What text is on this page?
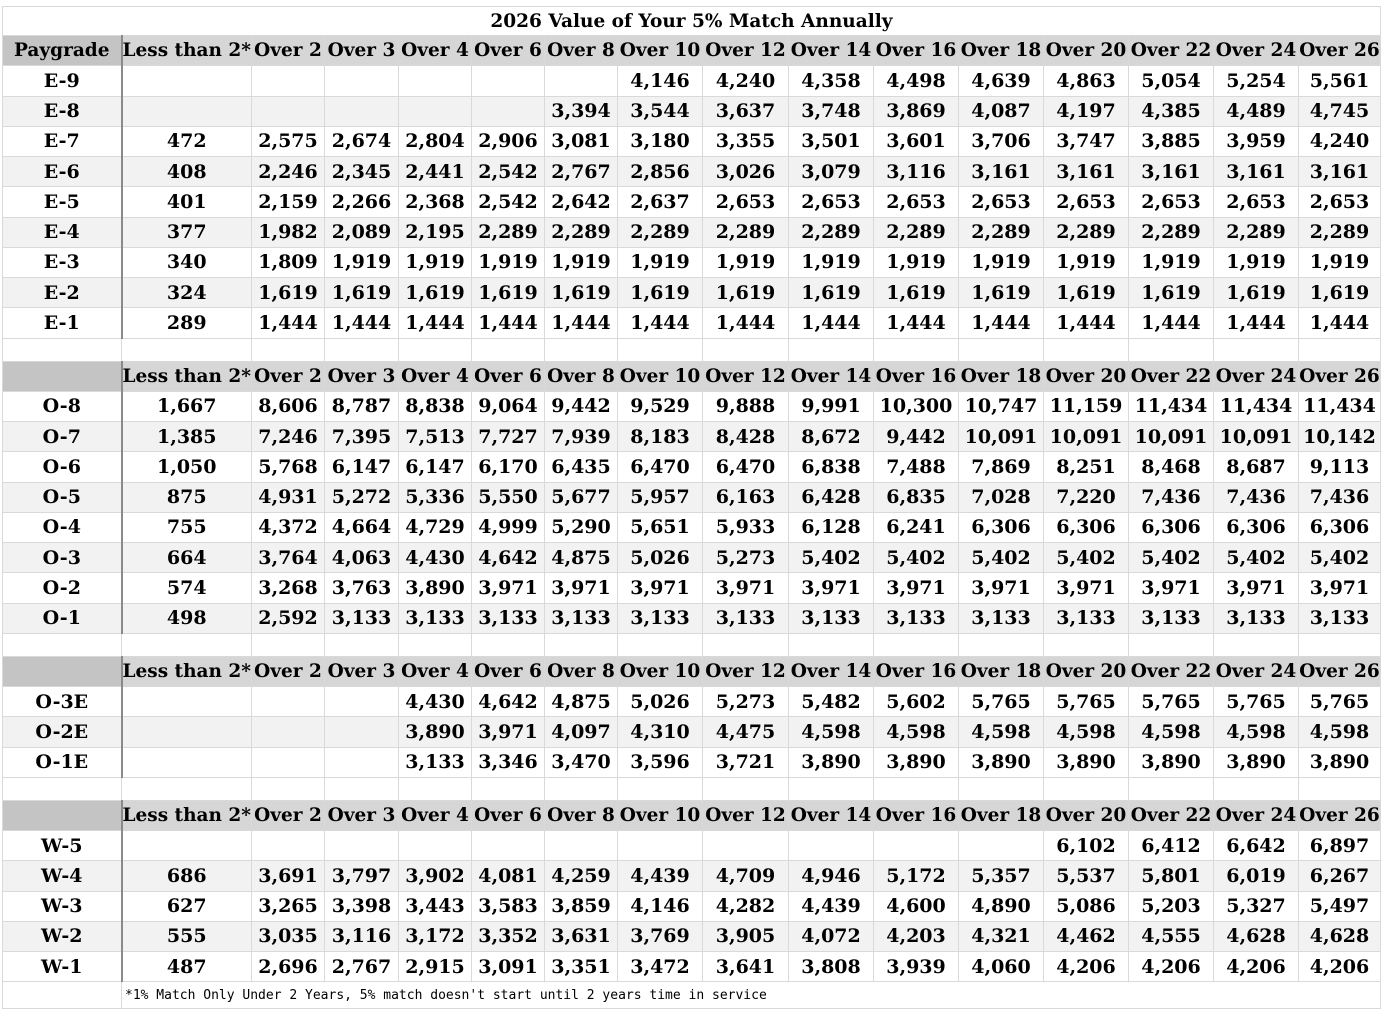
2026 Value of Your 5% Match Annually															
Paygrade	Less than 2*	Over 2	Over 3	Over 4	Over 6	Over 8	Over 10	Over 12	Over 14	Over 16	Over 18	Over 20	Over 22	Over 24	Over 26
E-9							4,146	4,240	4,358	4,498	4,639	4,863	5,054	5,254	5,561
E-8						3,394	3,544	3,637	3,748	3,869	4,087	4,197	4,385	4,489	4,745
E-7	472	2,575	2,674	2,804	2,906	3,081	3,180	3,355	3,501	3,601	3,706	3,747	3,885	3,959	4,240
E-6	408	2,246	2,345	2,441	2,542	2,767	2,856	3,026	3,079	3,116	3,161	3,161	3,161	3,161	3,161
E-5	401	2,159	2,266	2,368	2,542	2,642	2,637	2,653	2,653	2,653	2,653	2,653	2,653	2,653	2,653
E-4	377	1,982	2,089	2,195	2,289	2,289	2,289	2,289	2,289	2,289	2,289	2,289	2,289	2,289	2,289
E-3	340	1,809	1,919	1,919	1,919	1,919	1,919	1,919	1,919	1,919	1,919	1,919	1,919	1,919	1,919
E-2	324	1,619	1,619	1,619	1,619	1,619	1,619	1,619	1,619	1,619	1,619	1,619	1,619	1,619	1,619
E-1	289	1,444	1,444	1,444	1,444	1,444	1,444	1,444	1,444	1,444	1,444	1,444	1,444	1,444	1,444

	Less than 2*	Over 2	Over 3	Over 4	Over 6	Over 8	Over 10	Over 12	Over 14	Over 16	Over 18	Over 20	Over 22	Over 24	Over 26
O-8	1,667	8,606	8,787	8,838	9,064	9,442	9,529	9,888	9,991	10,300	10,747	11,159	11,434	11,434	11,434
O-7	1,385	7,246	7,395	7,513	7,727	7,939	8,183	8,428	8,672	9,442	10,091	10,091	10,091	10,091	10,142
O-6	1,050	5,768	6,147	6,147	6,170	6,435	6,470	6,470	6,838	7,488	7,869	8,251	8,468	8,687	9,113
O-5	875	4,931	5,272	5,336	5,550	5,677	5,957	6,163	6,428	6,835	7,028	7,220	7,436	7,436	7,436
O-4	755	4,372	4,664	4,729	4,999	5,290	5,651	5,933	6,128	6,241	6,306	6,306	6,306	6,306	6,306
O-3	664	3,764	4,063	4,430	4,642	4,875	5,026	5,273	5,402	5,402	5,402	5,402	5,402	5,402	5,402
O-2	574	3,268	3,763	3,890	3,971	3,971	3,971	3,971	3,971	3,971	3,971	3,971	3,971	3,971	3,971
O-1	498	2,592	3,133	3,133	3,133	3,133	3,133	3,133	3,133	3,133	3,133	3,133	3,133	3,133	3,133

	Less than 2*	Over 2	Over 3	Over 4	Over 6	Over 8	Over 10	Over 12	Over 14	Over 16	Over 18	Over 20	Over 22	Over 24	Over 26
O-3E				4,430	4,642	4,875	5,026	5,273	5,482	5,602	5,765	5,765	5,765	5,765	5,765
O-2E				3,890	3,971	4,097	4,310	4,475	4,598	4,598	4,598	4,598	4,598	4,598	4,598
O-1E				3,133	3,346	3,470	3,596	3,721	3,890	3,890	3,890	3,890	3,890	3,890	3,890

	Less than 2*	Over 2	Over 3	Over 4	Over 6	Over 8	Over 10	Over 12	Over 14	Over 16	Over 18	Over 20	Over 22	Over 24	Over 26
W-5												6,102	6,412	6,642	6,897
W-4	686	3,691	3,797	3,902	4,081	4,259	4,439	4,709	4,946	5,172	5,357	5,537	5,801	6,019	6,267
W-3	627	3,265	3,398	3,443	3,583	3,859	4,146	4,282	4,439	4,600	4,890	5,086	5,203	5,327	5,497
W-2	555	3,035	3,116	3,172	3,352	3,631	3,769	3,905	4,072	4,203	4,321	4,462	4,555	4,628	4,628
W-1	487	2,696	2,767	2,915	3,091	3,351	3,472	3,641	3,808	3,939	4,060	4,206	4,206	4,206	4,206
	*1% Match Only Under 2 Years, 5% match doesn't start until 2 years time in service														
